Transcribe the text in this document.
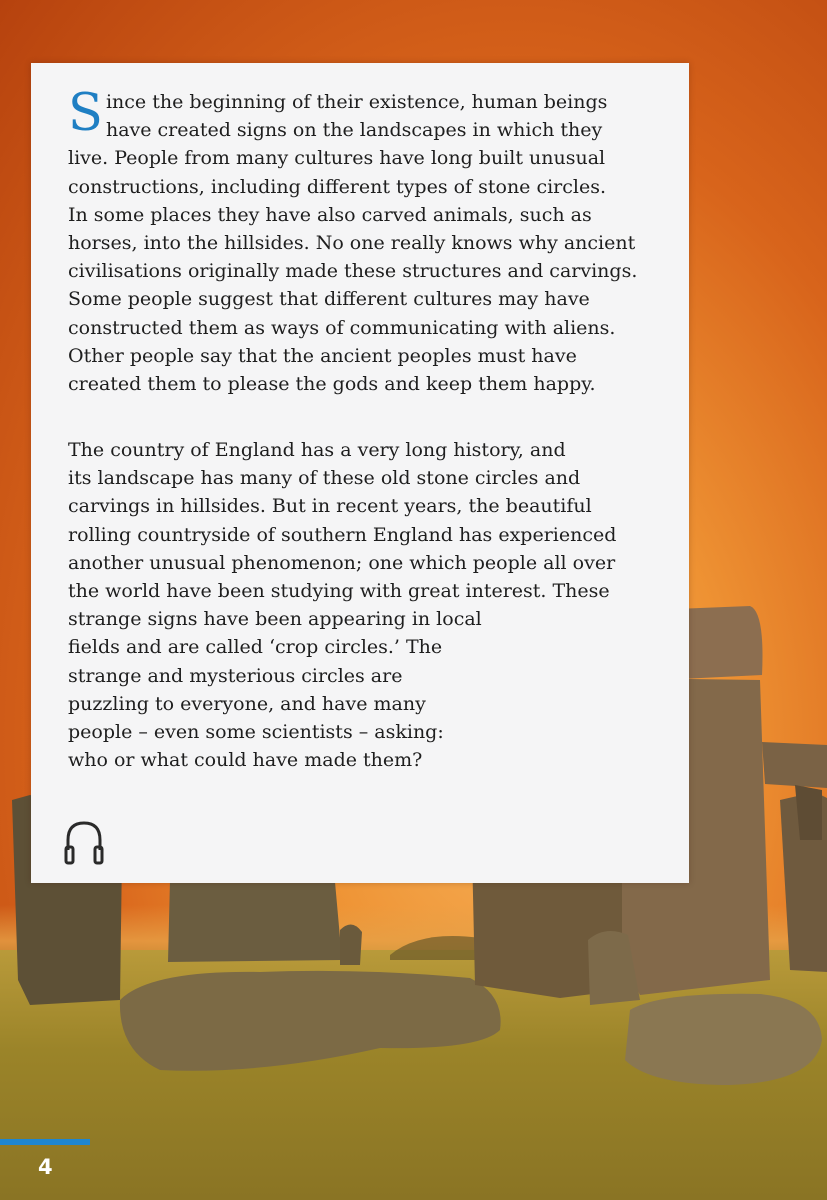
Since the beginning of their existence, human beings
have created signs on the landscapes in which they
live. People from many cultures have long built unusual
constructions, including different types of stone circles.
In some places they have also carved animals, such as
horses, into the hillsides. No one really knows why ancient
civilisations originally made these structures and carvings.
Some people suggest that different cultures may have
constructed them as ways of communicating with aliens.
Other people say that the ancient peoples must have
created them to please the gods and keep them happy.

The country of England has a very long history, and
its landscape has many of these old stone circles and
carvings in hillsides. But in recent years, the beautiful
rolling countryside of southern England has experienced
another unusual phenomenon; one which people all over
the world have been studying with great interest. These
strange signs have been appearing in local
fields and are called ‘crop circles.’ The
strange and mysterious circles are
puzzling to everyone, and have many
people – even some scientists – asking:
who or what could have made them?

4
